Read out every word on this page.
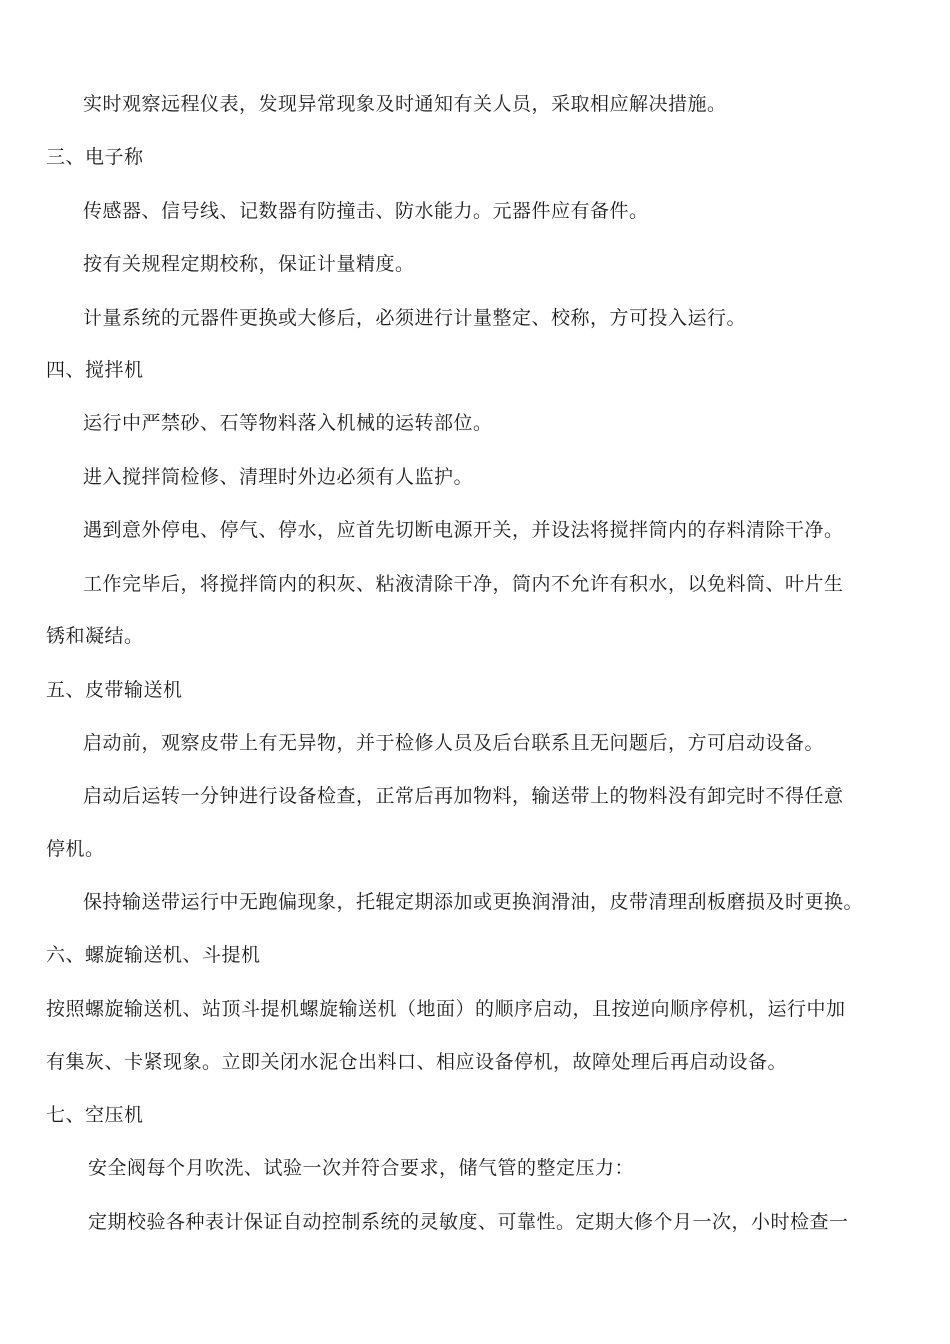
实时观察远程仪表，发现异常现象及时通知有关人员，采取相应解决措施。
三、电子称
传感器、信号线、记数器有防撞击、防水能力。元器件应有备件。
按有关规程定期校称，保证计量精度。
计量系统的元器件更换或大修后，必须进行计量整定、校称，方可投入运行。
四、搅拌机
运行中严禁砂、石等物料落入机械的运转部位。
进入搅拌筒检修、清理时外边必须有人监护。
遇到意外停电、停气、停水，应首先切断电源开关，并设法将搅拌筒内的存料清除干净。
工作完毕后，将搅拌筒内的积灰、粘液清除干净，筒内不允许有积水，以免料筒、叶片生
锈和凝结。
五、皮带输送机
启动前，观察皮带上有无异物，并于检修人员及后台联系且无问题后，方可启动设备。
启动后运转一分钟进行设备检查，正常后再加物料，输送带上的物料没有卸完时不得任意
停机。
保持输送带运行中无跑偏现象，托辊定期添加或更换润滑油，皮带清理刮板磨损及时更换。
六、螺旋输送机、斗提机
按照螺旋输送机、站顶斗提机螺旋输送机（地面）的顺序启动，且按逆向顺序停机，运行中加
有集灰、卡紧现象。立即关闭水泥仓出料口、相应设备停机，故障处理后再启动设备。
七、空压机
安全阀每个月吹洗、试验一次并符合要求，储气管的整定压力：
定期校验各种表计保证自动控制系统的灵敏度、可靠性。定期大修个月一次，小时检查一
